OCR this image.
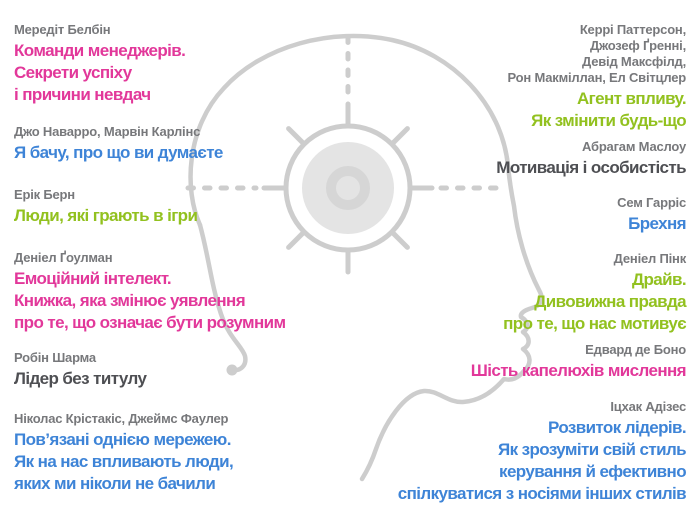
Мередіт Белбін
Команди менеджерів.
Секрети успіху
і причини невдач
Джо Наварро, Марвін Карлінс
Я бачу, про що ви думаєте
Ерік Берн
Люди, які грають в ігри
Деніел Ґоулман
Емоційний інтелект.
Книжка, яка змінює уявлення
про те, що означає бути розумним
Робін Шарма
Лідер без титулу
Ніколас Крістакіс, Джеймс Фаулер
Пов’язані однією мережею.
Як на нас впливають люди,
яких ми ніколи не бачили
Керрі Паттерсон,
Джозеф Ґренні,
Девід Максфілд,
Рон Макміллан, Ел Світцлер
Агент впливу.
Як змінити будь-що
Абрагам Маслоу
Мотивація і особистість
Сем Гарріс
Брехня
Деніел Пінк
Драйв.
Дивовижна правда
про те, що нас мотивує
Едвард де Боно
Шість капелюхів мислення
Іцхак Адізес
Розвиток лідерів.
Як зрозуміти свій стиль
керування й ефективно
спілкуватися з носіями інших стилів
